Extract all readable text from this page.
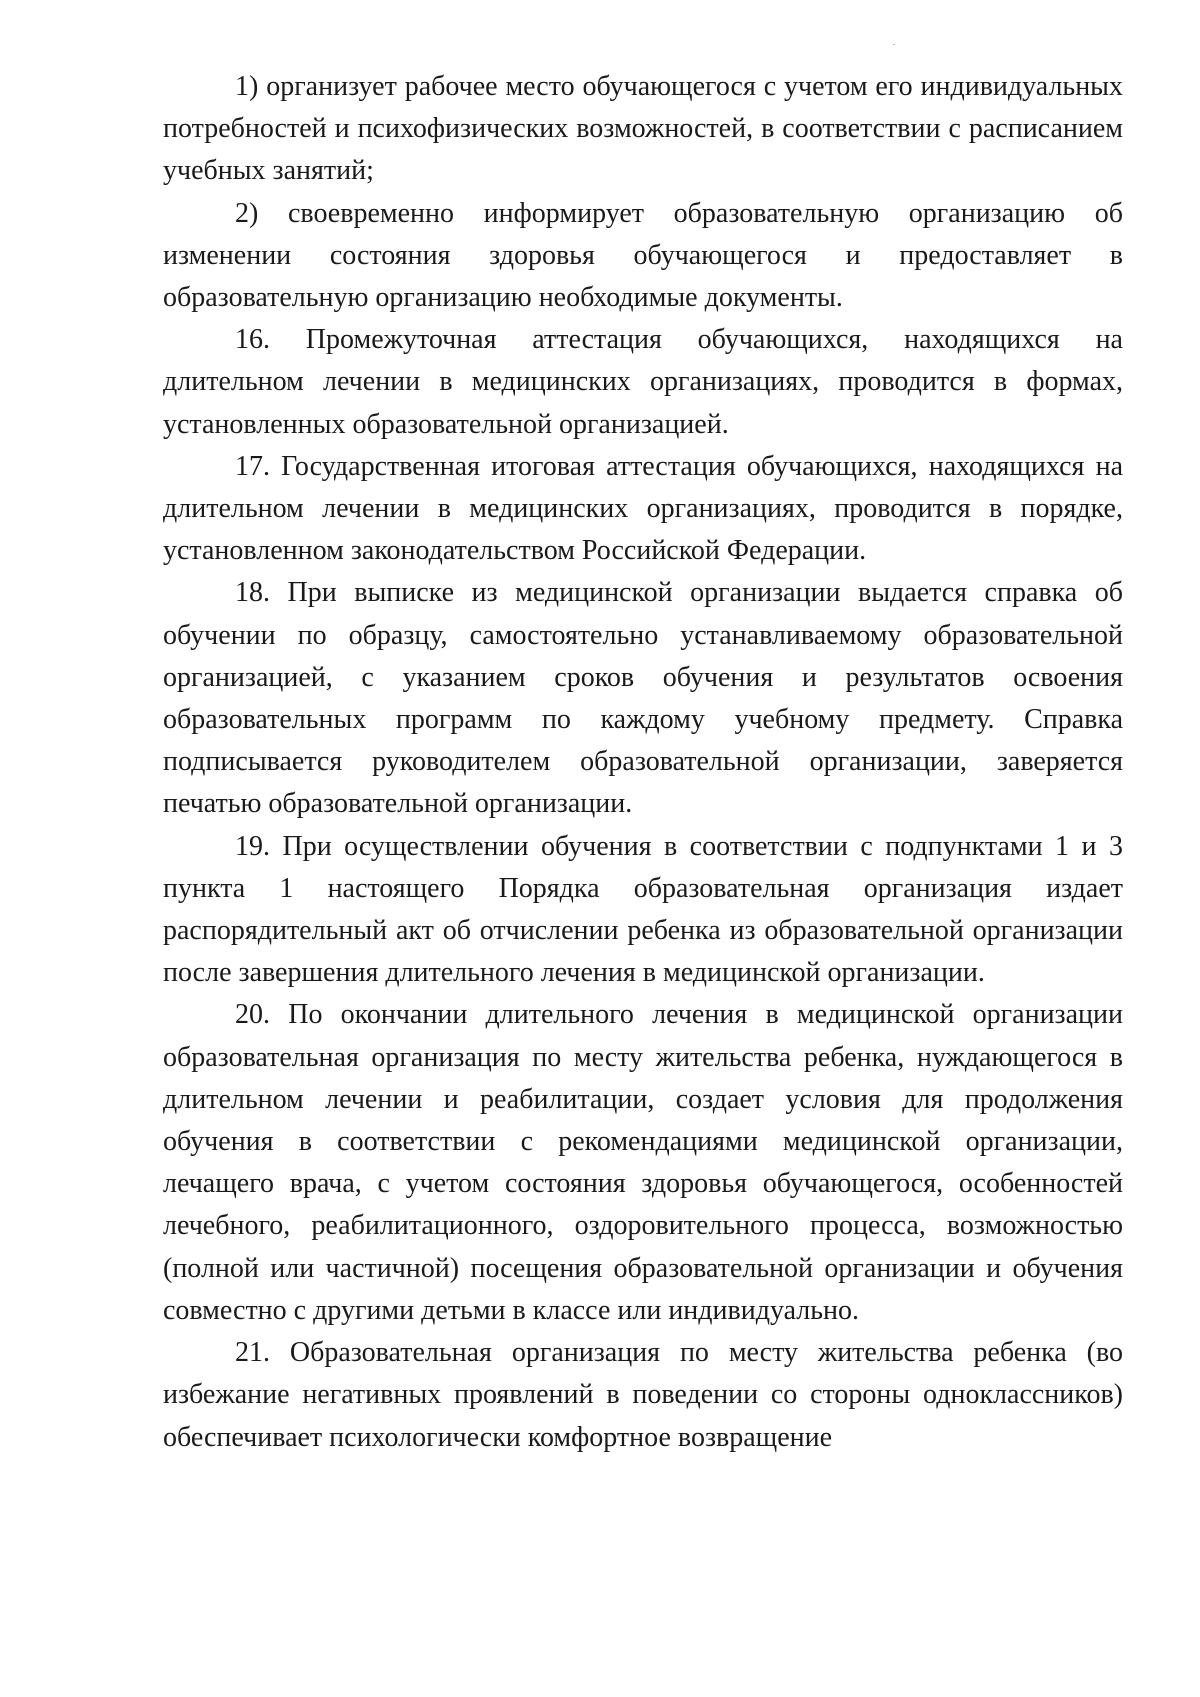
1) организует рабочее место обучающегося с учетом его индивидуальных потребностей и психофизических возможностей, в соответствии с расписанием учебных занятий;

2) своевременно информирует образовательную организацию об изменении состояния здоровья обучающегося и предоставляет в образовательную организацию необходимые документы.

16. Промежуточная аттестация обучающихся, находящихся на длительном лечении в медицинских организациях, проводится в формах, установленных образовательной организацией.

17. Государственная итоговая аттестация обучающихся, находящихся на длительном лечении в медицинских организациях, проводится в порядке, установленном законодательством Российской Федерации.

18. При выписке из медицинской организации выдается справка об обучении по образцу, самостоятельно устанавливаемому образовательной организацией, с указанием сроков обучения и результатов освоения образовательных программ по каждому учебному предмету. Справка подписывается руководителем образовательной организации, заверяется печатью образовательной организации.

19. При осуществлении обучения в соответствии с подпунктами 1 и 3 пункта 1 настоящего Порядка образовательная организация издает распорядительный акт об отчислении ребенка из образовательной организации после завершения длительного лечения в медицинской организации.

20. По окончании длительного лечения в медицинской организации образовательная организация по месту жительства ребенка, нуждающегося в длительном лечении и реабилитации, создает условия для продолжения обучения в соответствии с рекомендациями медицинской организации, лечащего врача, с учетом состояния здоровья обучающегося, особенностей лечебного, реабилитационного, оздоровительного процесса, возможностью (полной или частичной) посещения образовательной организации и обучения совместно с другими детьми в классе или индивидуально.

21. Образовательная организация по месту жительства ребенка (во избежание негативных проявлений в поведении со стороны одноклассников) обеспечивает психологически комфортное возвращение
